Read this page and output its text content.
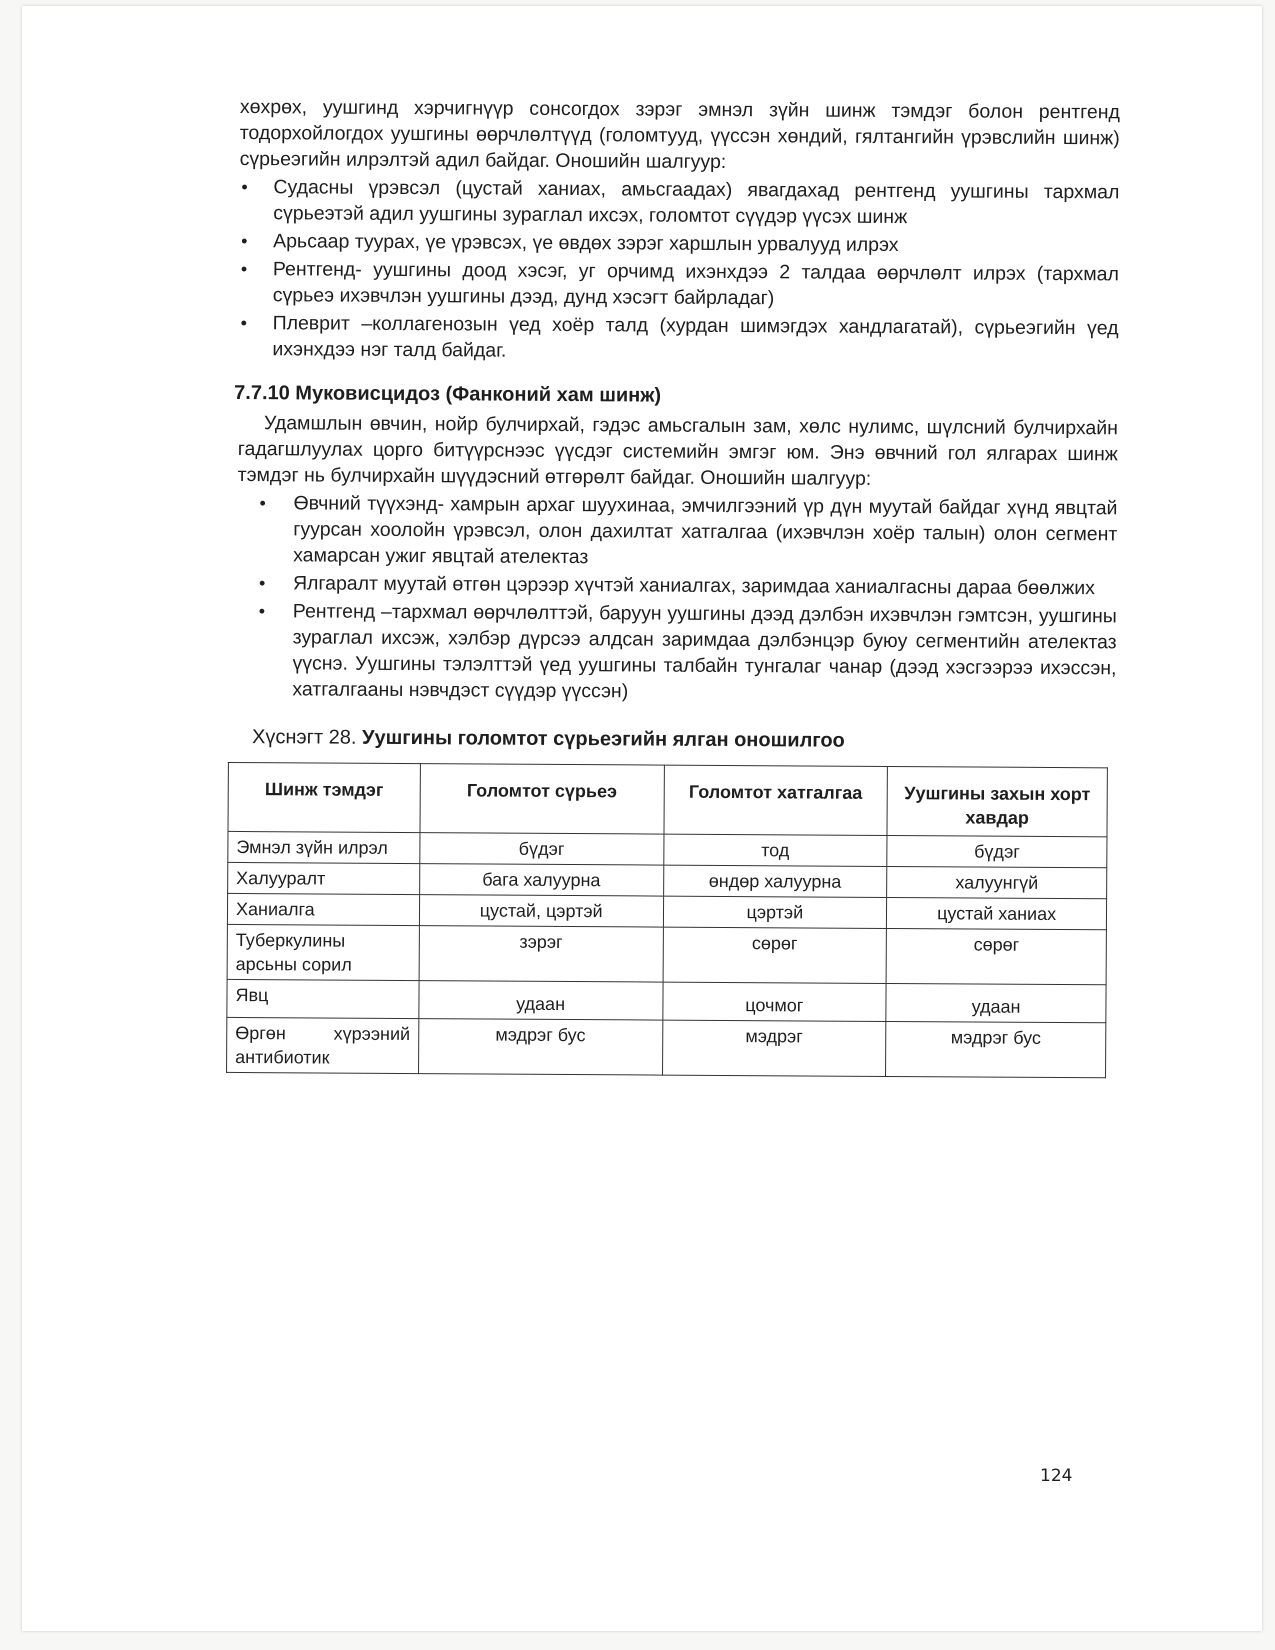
хөхрөх, уушгинд хэрчигнүүр сонсогдох зэрэг эмнэл зүйн шинж тэмдэг болон рентгенд тодорхойлогдох уушгины өөрчлөлтүүд (голомтууд, үүссэн хөндий, гялтангийн үрэвслийн шинж) сүрьеэгийн илрэлтэй адил байдаг. Оношийн шалгуур:

• Судасны үрэвсэл (цустай ханиах, амьсгаадах) явагдахад рентгенд уушгины тархмал сүрьеэтэй адил уушгины зураглал ихсэх, голомтот сүүдэр үүсэх шинж
• Арьсаар туурах, үе үрэвсэх, үе өвдөх зэрэг харшлын урвалууд илрэх
• Рентгенд- уушгины доод хэсэг, уг орчимд ихэнхдээ 2 талдаа өөрчлөлт илрэх (тархмал сүрьеэ ихэвчлэн уушгины дээд, дунд хэсэгт байрладаг)
• Плеврит –коллагенозын үед хоёр талд (хурдан шимэгдэх хандлагатай), сүрьеэгийн үед ихэнхдээ нэг талд байдаг.
7.7.10 Муковисцидоз (Фанконий хам шинж)

Удамшлын өвчин, нойр булчирхай, гэдэс амьсгалын зам, хөлс нулимс, шүлсний булчирхайн гадагшлуулах цорго битүүрснээс үүсдэг системийн эмгэг юм. Энэ өвчний гол ялгарах шинж тэмдэг нь булчирхайн шүүдэсний өтгөрөлт байдаг. Оношийн шалгуур:

• Өвчний түүхэнд- хамрын архаг шуухинаа, эмчилгээний үр дүн муутай байдаг хүнд явцтай гуурсан хоолойн үрэвсэл, олон дахилтат хатгалгаа (ихэвчлэн хоёр талын) олон сегмент хамарсан ужиг явцтай ателектаз
• Ялгаралт муутай өтгөн цэрээр хүчтэй ханиалгах, заримдаа ханиалгасны дараа бөөлжих
• Рентгенд –тархмал өөрчлөлттэй, баруун уушгины дээд дэлбэн ихэвчлэн гэмтсэн, уушгины зураглал ихсэж, хэлбэр дүрсээ алдсан заримдаа дэлбэнцэр буюу сегментийн ателектаз үүснэ. Уушгины тэлэлттэй үед уушгины талбайн тунгалаг чанар (дээд хэсгээрээ ихэссэн, хатгалгааны нэвчдэст сүүдэр үүссэн)
Хүснэгт 28. Уушгины голомтот сүрьеэгийн ялган оношилгоо
Шинж тэмдэг	Голомтот сүрьеэ	Голомтот хатгалгаа	Уушгины захын хорт хавдар
Эмнэл зүйн илрэл	бүдэг	тод	бүдэг
Халууралт	бага халуурна	өндөр халуурна	халуунгүй
Ханиалга	цустай, цэртэй	цэртэй	цустай ханиах
Туберкулины арсьны сорил	зэрэг	сөрөг	сөрөг
Явц	удаан	цочмог	удаан
Өргөн хүрээний антибиотик	мэдрэг бус	мэдрэг	мэдрэг бус
124
